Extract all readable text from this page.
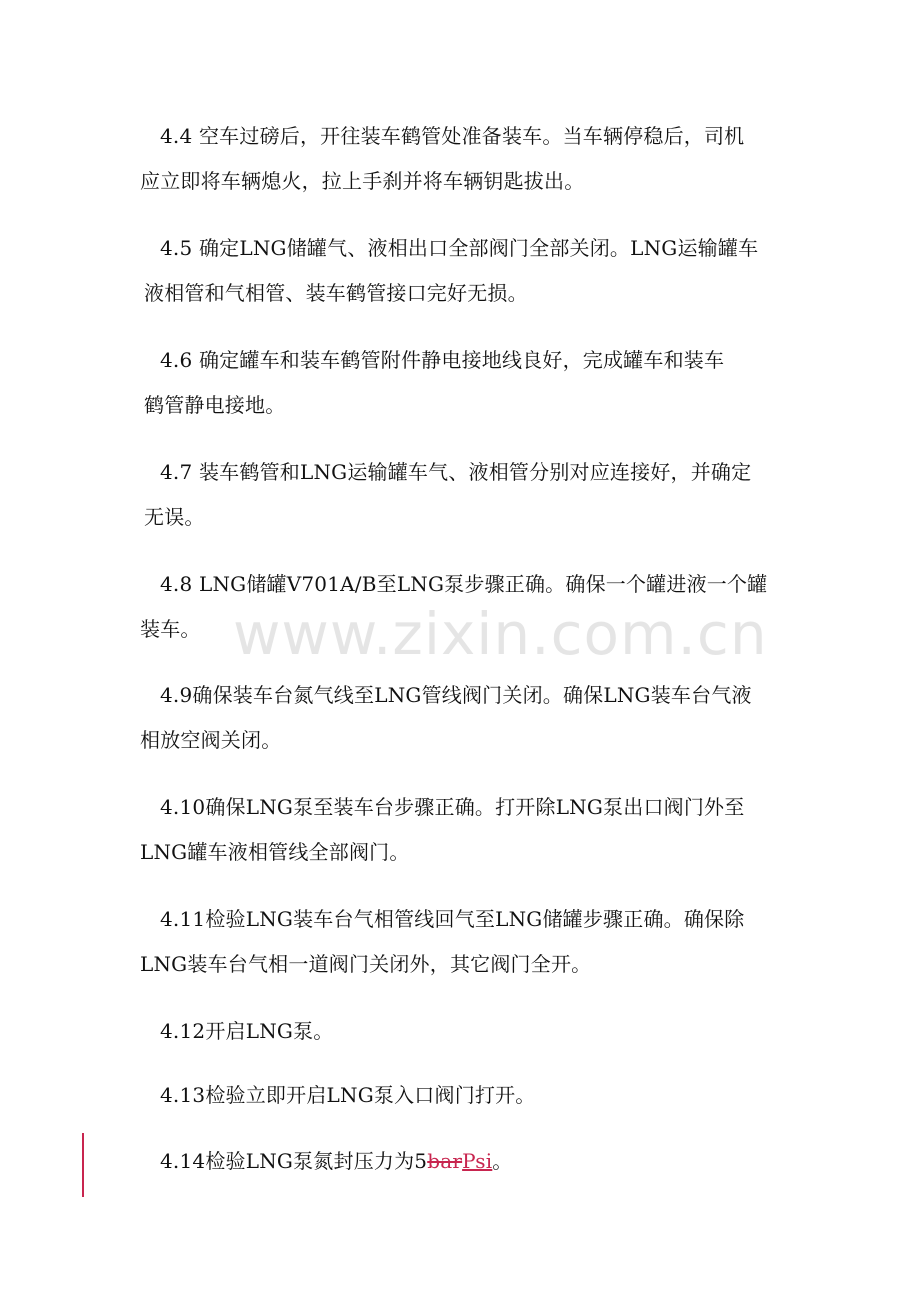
4.4 空车过磅后，开往装车鹤管处准备装车。当车辆停稳后，司机
应立即将车辆熄火，拉上手刹并将车辆钥匙拔出。
4.5 确定LNG储罐气、液相出口全部阀门全部关闭。LNG运输罐车
液相管和气相管、装车鹤管接口完好无损。
4.6 确定罐车和装车鹤管附件静电接地线良好，完成罐车和装车
鹤管静电接地。
4.7 装车鹤管和LNG运输罐车气、液相管分别对应连接好，并确定
无误。
4.8 LNG储罐V701A/B至LNG泵步骤正确。确保一个罐进液一个罐
装车。
4.9确保装车台氮气线至LNG管线阀门关闭。确保LNG装车台气液
相放空阀关闭。
4.10确保LNG泵至装车台步骤正确。打开除LNG泵出口阀门外至
LNG罐车液相管线全部阀门。
4.11检验LNG装车台气相管线回气至LNG储罐步骤正确。确保除
LNG装车台气相一道阀门关闭外，其它阀门全开。
4.12开启LNG泵。
4.13检验立即开启LNG泵入口阀门打开。
4.14检验LNG泵氮封压力为5barPsi。
www.zixin.com.cn
